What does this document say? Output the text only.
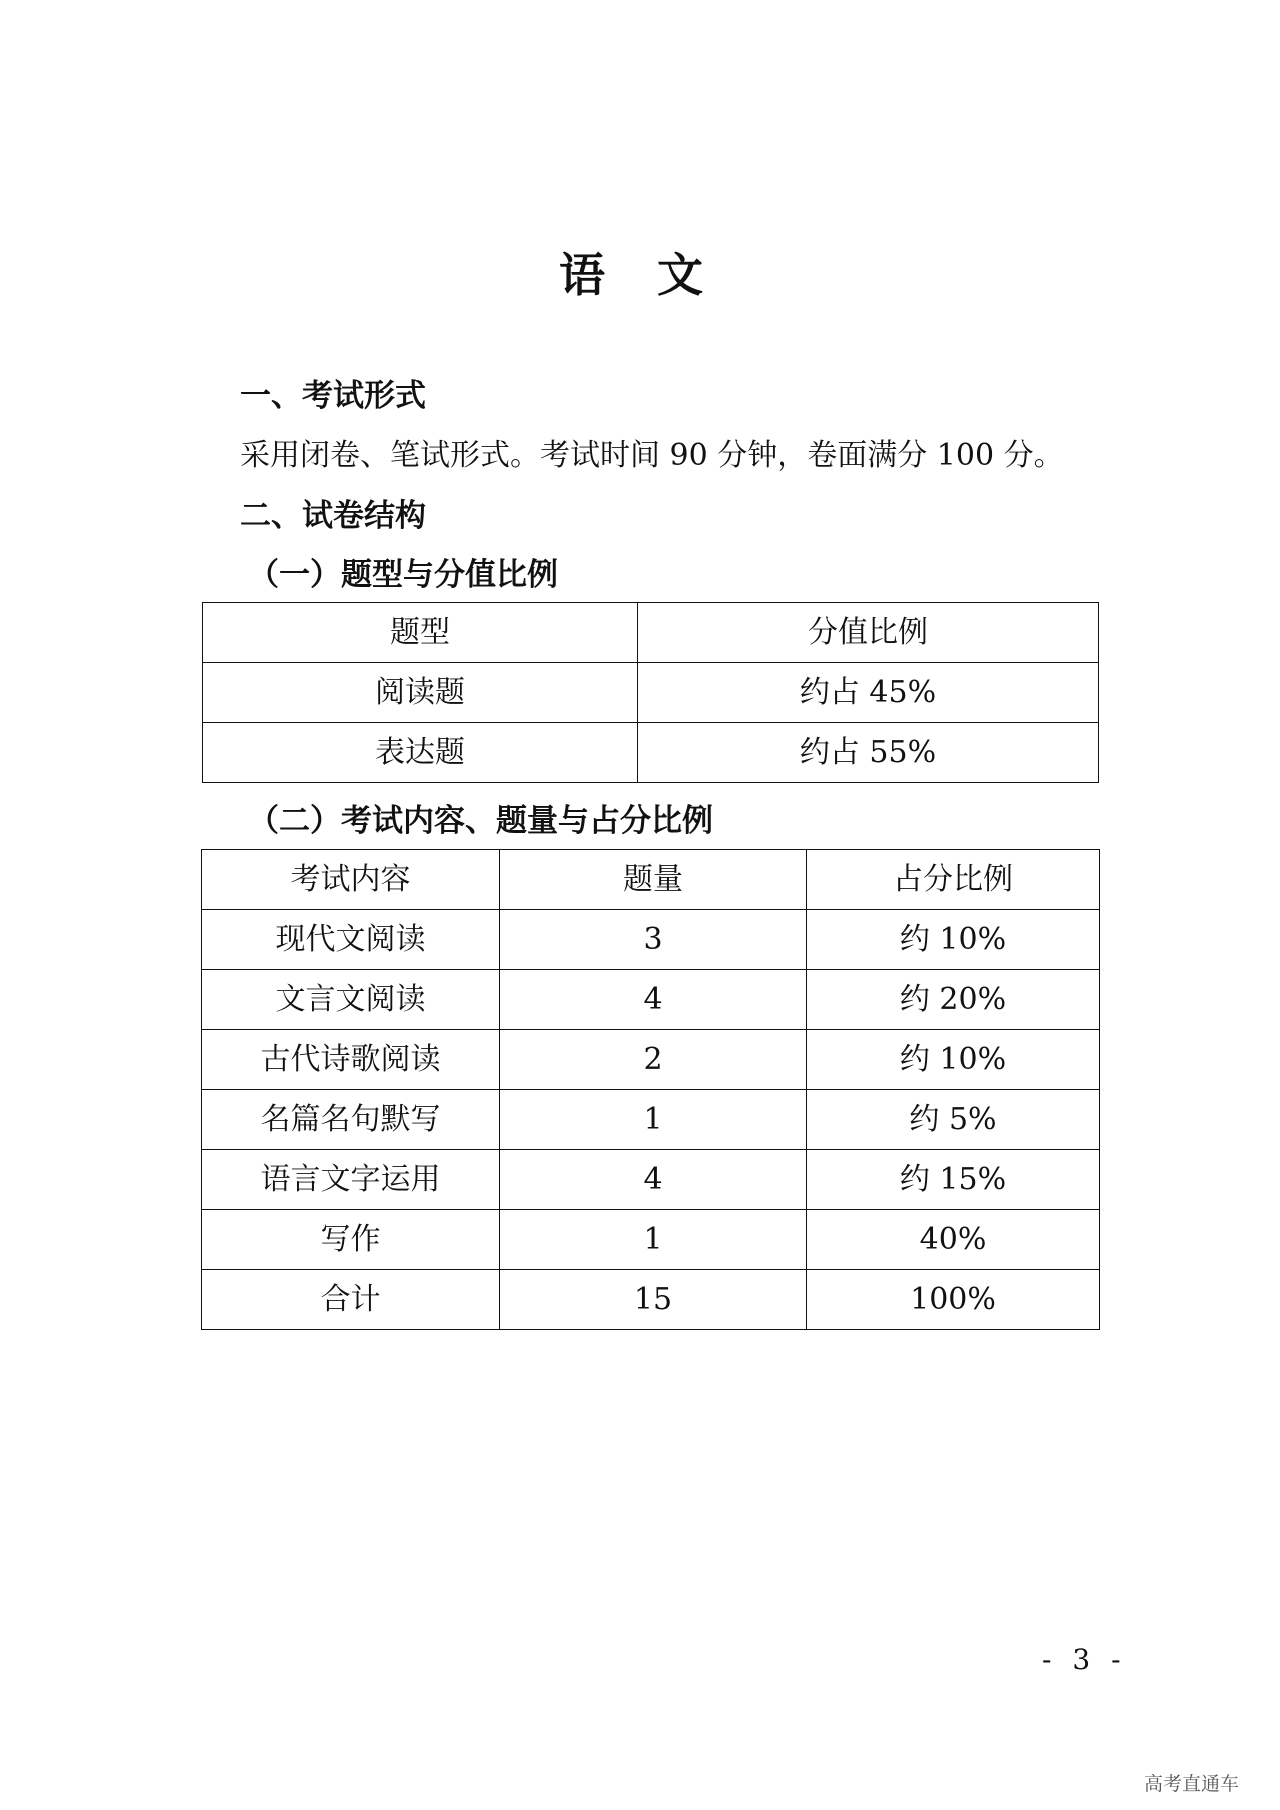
语 文
一、考试形式
采用闭卷、笔试形式。考试时间 90 分钟，卷面满分 100 分。
二、试卷结构
（一）题型与分值比例
题型	分值比例
阅读题	约占 45%
表达题	约占 55%
（二）考试内容、题量与占分比例
考试内容	题量	占分比例
现代文阅读	3	约 10%
文言文阅读	4	约 20%
古代诗歌阅读	2	约 10%
名篇名句默写	1	约 5%
语言文字运用	4	约 15%
写作	1	40%
合计	15	100%
- 3 -
高考直通车
